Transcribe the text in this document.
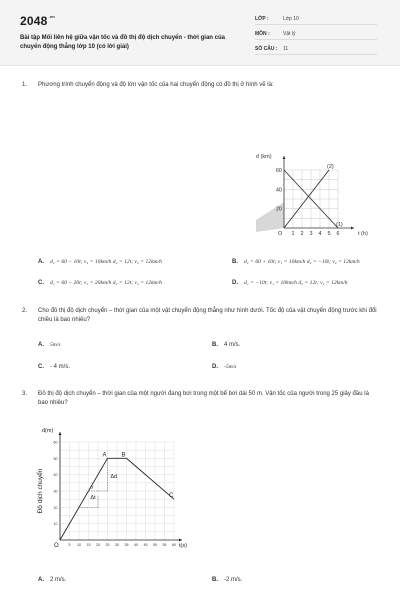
$2048^{.vn}$
Bài tập Mối liên hệ giữa vận tốc và đồ thị độ dịch chuyển - thời gian của chuyển động thẳng lớp 10 (có lời giải)
LỚP :	Lớp 10
MÔN :	Vật lý
SỐ CÂU : 11
1. Phương trình chuyển động và độ lớn vận tốc của hai chuyển động có đồ thị ở hình vẽ là:
(2)
(1)
1 2 3 4 5 6
20
40
60
O
d (km)
t (h)
A. d₁ = 60 − 10t; v₁ = 10km/h d₂ = 12t; v₂ = 12km/h	B. d₁ = 60 + 10t; v₁ = 10km/h d₂ = −10t; v₂ = 12km/h
C. d₁ = 60 − 20t; v₁ = 20km/h d₂ = 12t; v₂ = 12km/h	D. d₁ = −10t; v₁ = 10km/h d₂ = 12t; v₂ = 12km/h
2. Cho đồ thị độ dịch chuyển – thời gian của một vật chuyển động thẳng như hình dưới. Tốc độ của vật chuyển động trước khi đổi chiều là bao nhiêu?
A. 5m/s	B. 4 m/s.
C. - 4 m/s.	D. -5m/s
3. Đồ thị độ dịch chuyển – thời gian của một người đang bơi trong một bể bơi dài 50 m. Vận tốc của người trong 25 giây đầu là bao nhiêu?
A B
C
Δd
Δt
α
5 10 15 20 25 30 35 40 45 50 55 60
10
20
30
40
50
60
O
d(m)
t(s)
Độ dịch chuyển
A. 2 m/s.	B. -2 m/s.
